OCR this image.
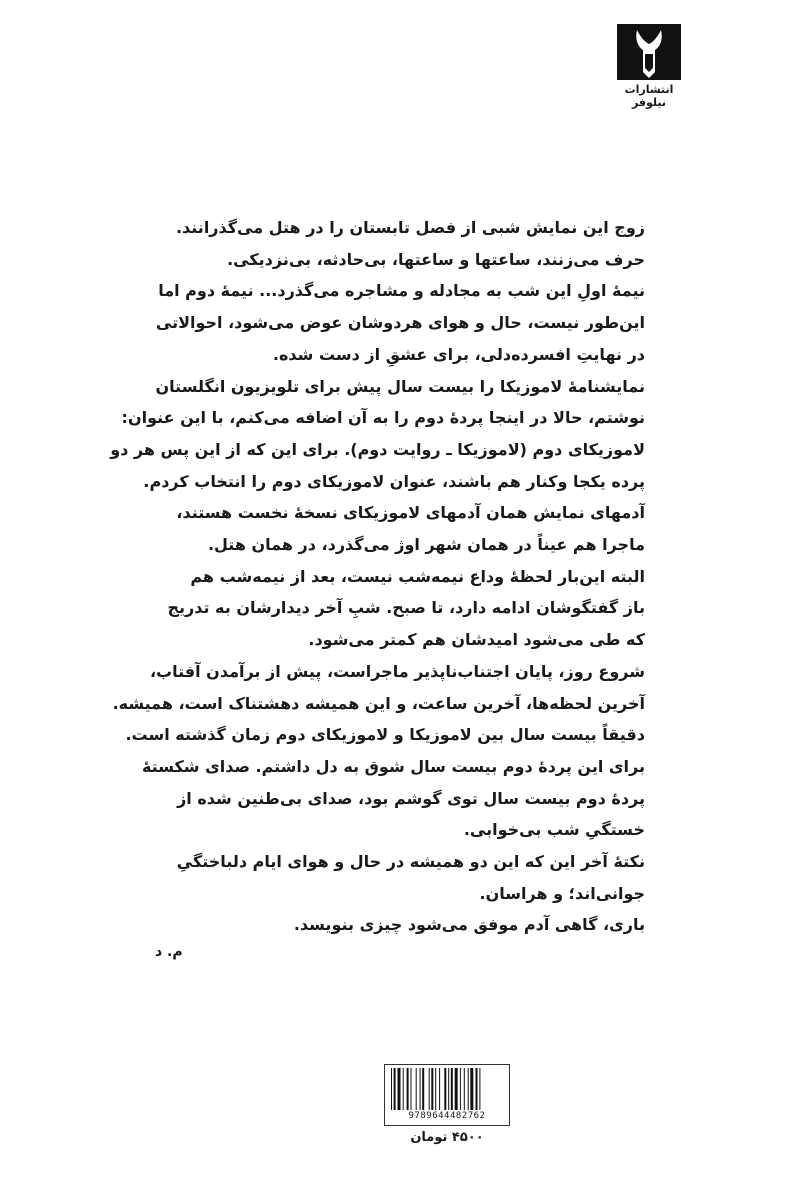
انتشارات نیلوفر
زوج این نمایش شبی از فصل تابستان را در هتل می‌گذرانند.
حرف می‌زنند، ساعتها و ساعتها، بی‌حادثه، بی‌نزدیکی.
نیمهٔ اولِ این شب به مجادله و مشاجره می‌گذرد... نیمهٔ دوم اما
این‌طور نیست، حال و هوای هردوشان عوض می‌شود، احوالاتی
در نهایتِ افسرده‌دلی، برای عشقِ از دست شده.
نمایشنامهٔ لاموزیکا را بیست سال پیش برای تلویزیون انگلستان
نوشتم، حالا در اینجا پردهٔ دوم را به آن اضافه می‌کنم، با این عنوان:
لاموزیکای دوم (لاموزیکا ـ روایت دوم). برای این که از این پس هر دو
پرده یکجا وکنار هم باشند، عنوان لاموزیکای دوم را انتخاب کردم.
آدمهای نمایش همان آدمهای لاموزیکای نسخهٔ نخست هستند،
ماجرا هم عیناً در همان شهر اوژ می‌گذرد، در همان هتل.
البته این‌بار لحظهٔ وداع نیمه‌شب نیست، بعد از نیمه‌شب هم
باز گفتگوشان ادامه دارد، تا صبح. شبِ آخر دیدارشان به تدریج
که طی می‌شود امیدشان هم کمتر می‌شود.
شروع روز، پایان اجتناب‌ناپذیر ماجراست، پیش از برآمدن آفتاب،
آخرین لحظه‌ها، آخرین ساعت، و این همیشه دهشتناک است، همیشه.
دقیقاً بیست سال بین لاموزیکا و لاموزیکای دوم زمان گذشته است.
برای این پردهٔ دوم بیست سال شوق به دل داشتم. صدای شکستهٔ
پردهٔ دوم بیست سال توی گوشم بود، صدای بی‌طنین شده از
خستگیِ شب بی‌خوابی.
نکتهٔ آخر این که این دو همیشه در حال و هوای ایام دلباختگیِ
جوانی‌اند؛ و هراسان.
باری، گاهی آدم موفق می‌شود چیزی بنویسد.
م. د
9789644482762
۴۵۰۰ تومان
